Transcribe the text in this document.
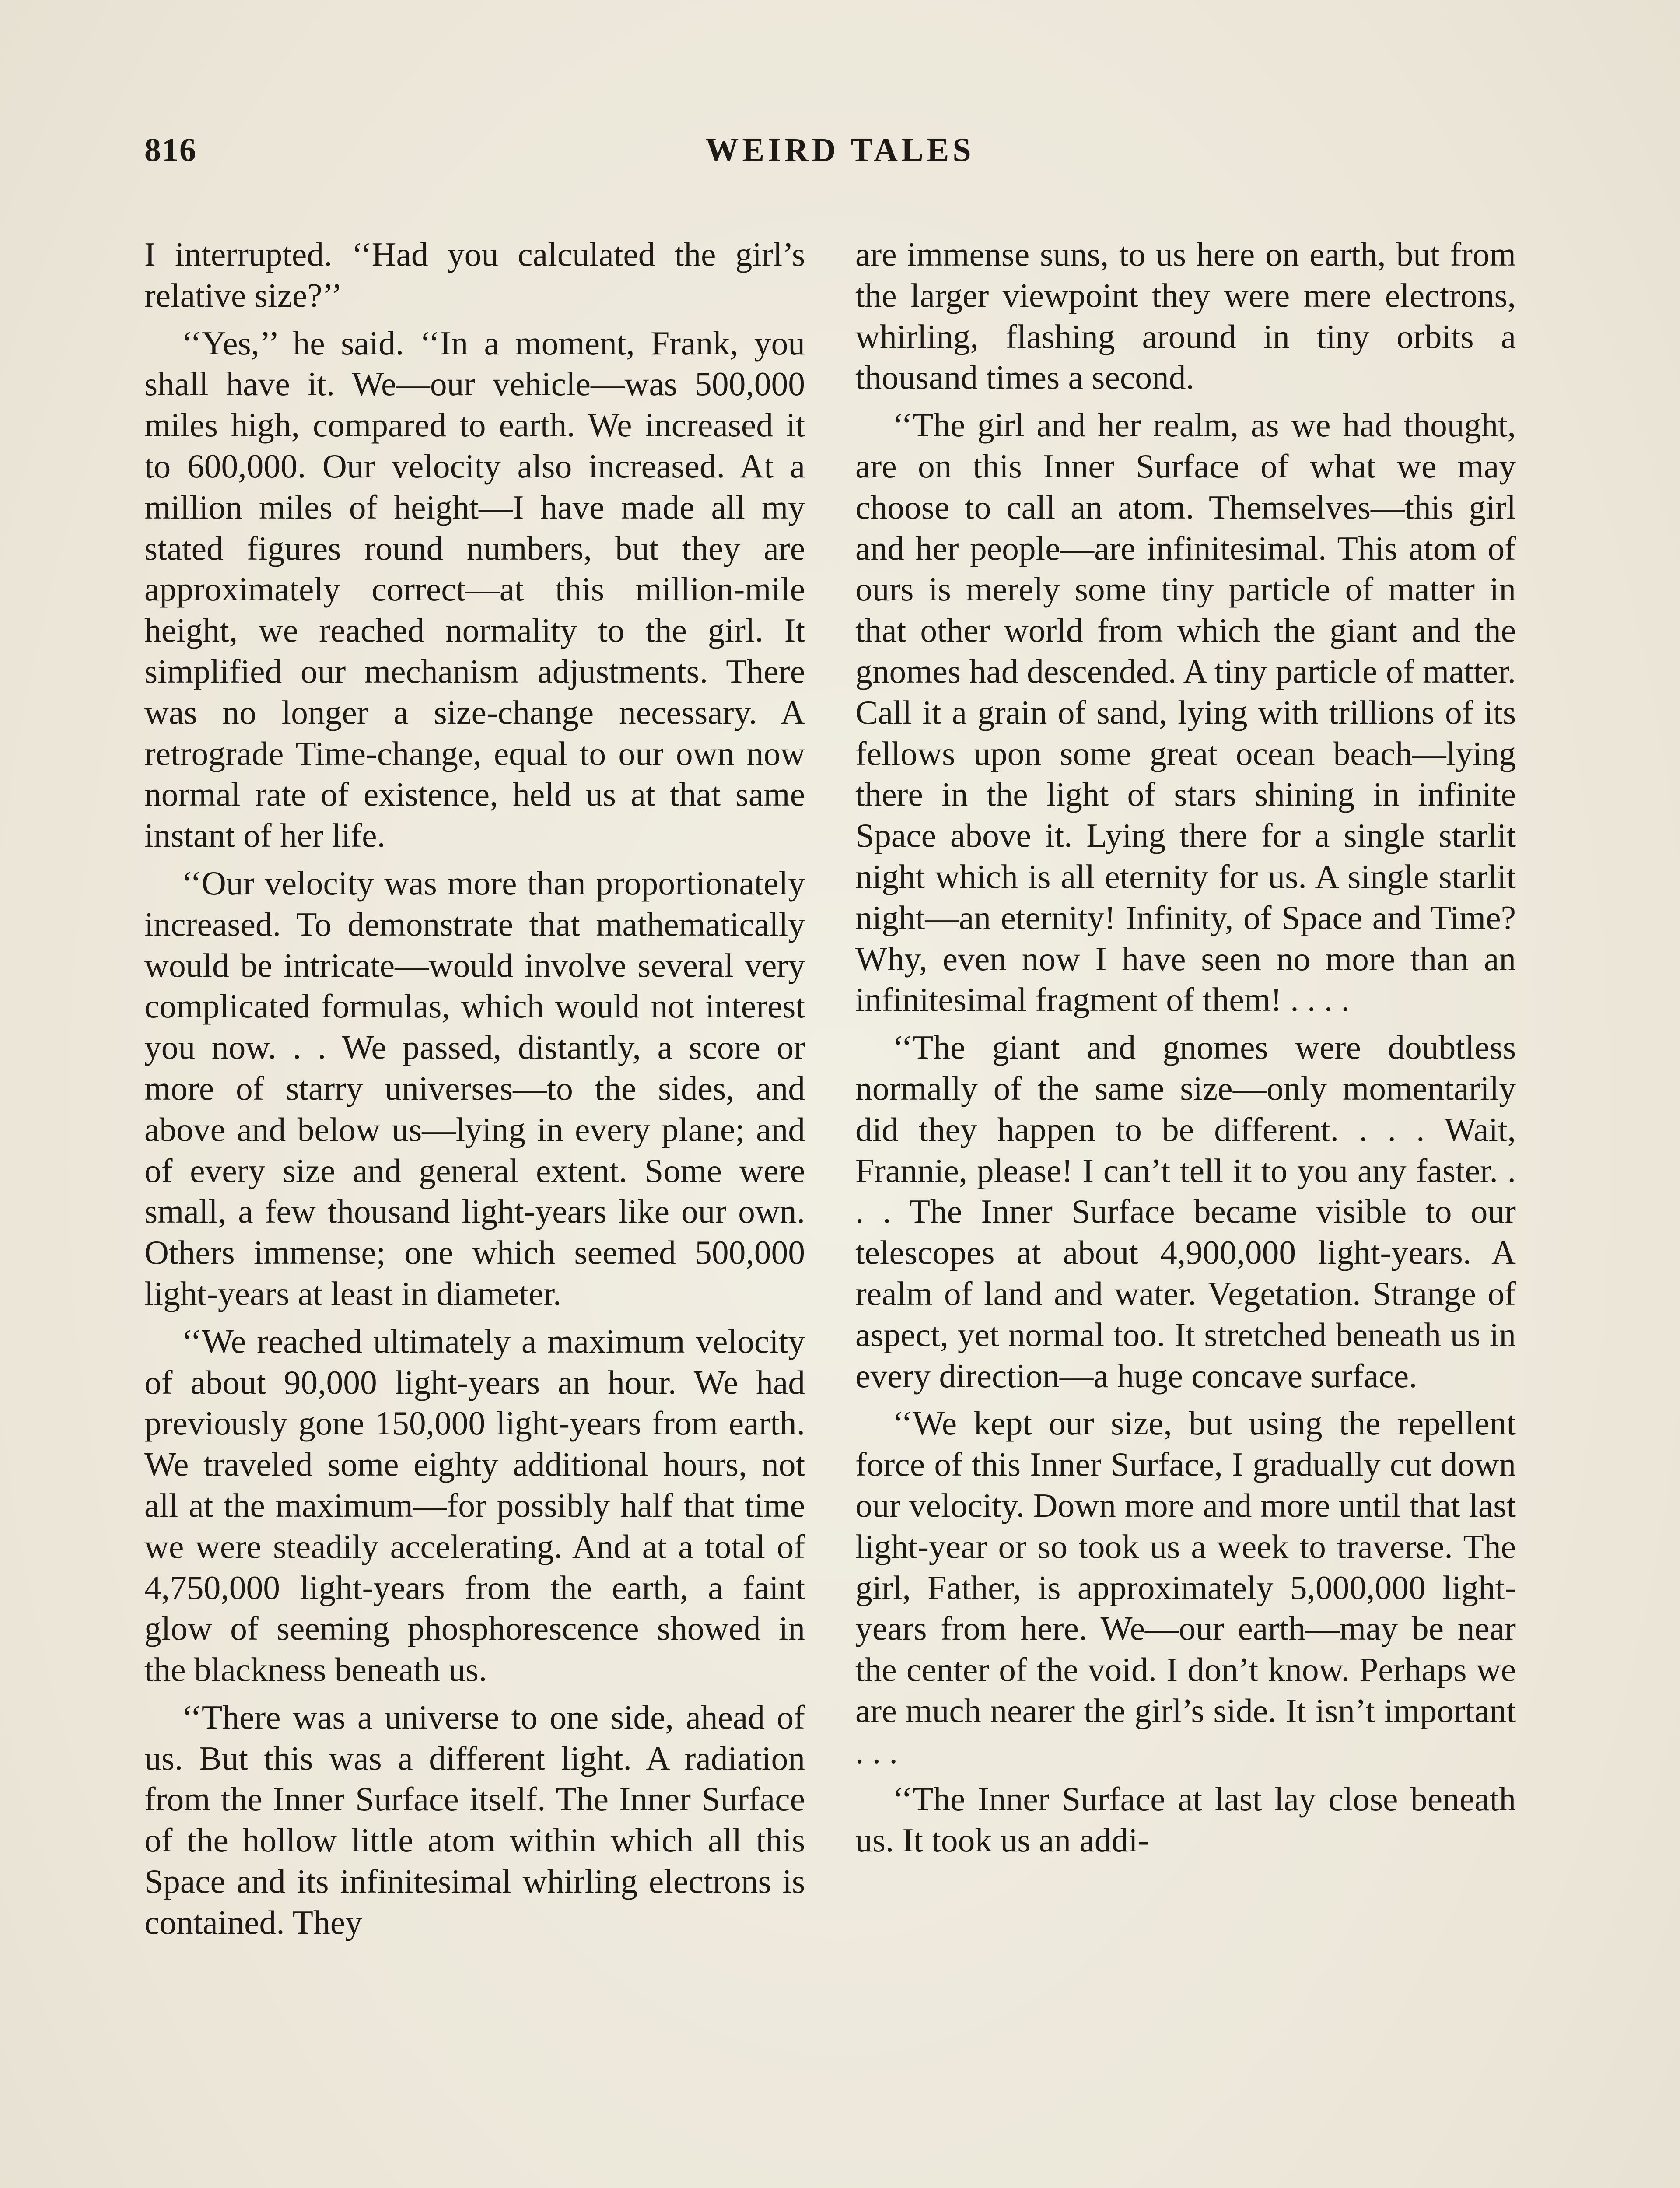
816	WEIRD TALES

I interrupted. ‘‘Had you calculated the girl’s relative size?’’

‘‘Yes,’’ he said. ‘‘In a moment, Frank, you shall have it. We—our vehicle—was 500,000 miles high, compared to earth. We increased it to 600,000. Our velocity also increased. At a million miles of height—I have made all my stated figures round numbers, but they are approximately correct—at this million-mile height, we reached normality to the girl. It simplified our mechanism adjustments. There was no longer a size-change necessary. A retrograde Time-change, equal to our own now normal rate of existence, held us at that same instant of her life.

‘‘Our velocity was more than proportionately increased. To demonstrate that mathematically would be intricate—would involve several very complicated formulas, which would not interest you now. . . We passed, distantly, a score or more of starry universes—to the sides, and above and below us—lying in every plane; and of every size and general extent. Some were small, a few thousand light-years like our own. Others immense; one which seemed 500,000 light-years at least in diameter.

‘‘We reached ultimately a maximum velocity of about 90,000 light-years an hour. We had previously gone 150,000 light-years from earth. We traveled some eighty additional hours, not all at the maximum—for possibly half that time we were steadily accelerating. And at a total of 4,750,000 light-years from the earth, a faint glow of seeming phosphorescence showed in the blackness beneath us.

‘‘There was a universe to one side, ahead of us. But this was a different light. A radiation from the Inner Surface itself. The Inner Surface of the hollow little atom within which all this Space and its infinitesimal whirling electrons is contained. They

are immense suns, to us here on earth, but from the larger viewpoint they were mere electrons, whirling, flashing around in tiny orbits a thousand times a second.

‘‘The girl and her realm, as we had thought, are on this Inner Surface of what we may choose to call an atom. Themselves—this girl and her people—are infinitesimal. This atom of ours is merely some tiny particle of matter in that other world from which the giant and the gnomes had descended. A tiny particle of matter. Call it a grain of sand, lying with trillions of its fellows upon some great ocean beach—lying there in the light of stars shining in infinite Space above it. Lying there for a single starlit night which is all eternity for us. A single starlit night—an eternity! Infinity, of Space and Time? Why, even now I have seen no more than an infinitesimal fragment of them! . . . .

‘‘The giant and gnomes were doubtless normally of the same size—only momentarily did they happen to be different. . . . Wait, Frannie, please! I can’t tell it to you any faster. . . . The Inner Surface became visible to our telescopes at about 4,900,000 light-years. A realm of land and water. Vegetation. Strange of aspect, yet normal too. It stretched beneath us in every direction—a huge concave surface.

‘‘We kept our size, but using the repellent force of this Inner Surface, I gradually cut down our velocity. Down more and more until that last light-year or so took us a week to traverse. The girl, Father, is approximately 5,000,000 light-years from here. We—our earth—may be near the center of the void. I don’t know. Perhaps we are much nearer the girl’s side. It isn’t important . . .

‘‘The Inner Surface at last lay close beneath us. It took us an addi-
